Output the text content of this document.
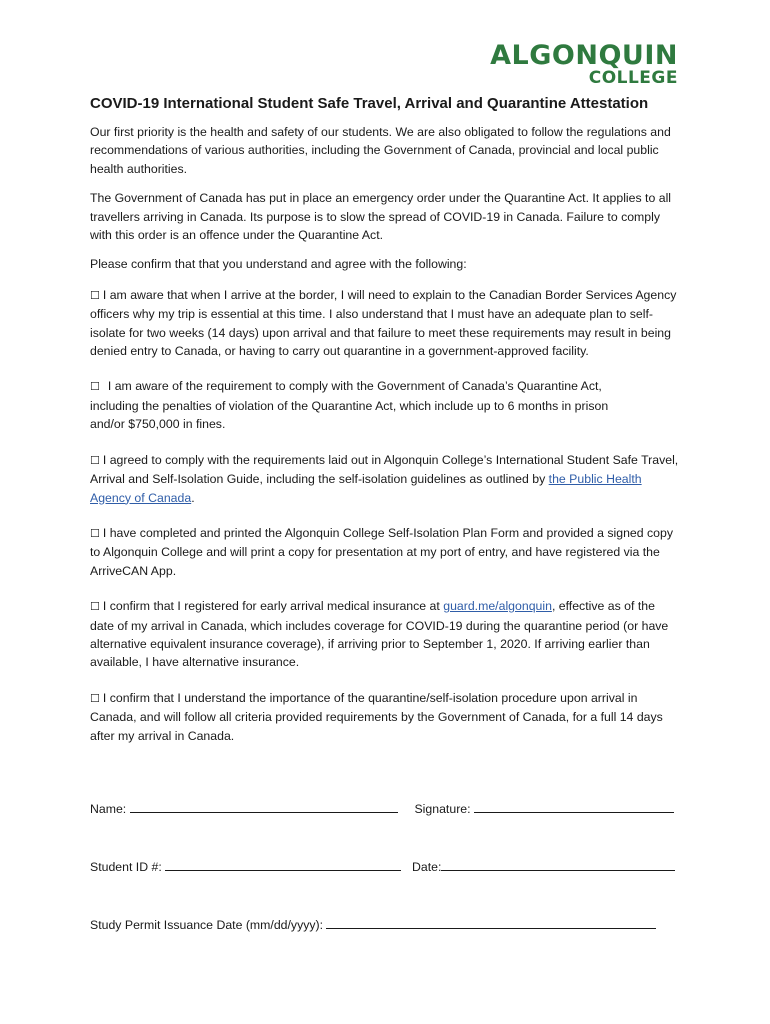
ALGONQUIN
COLLEGE
COVID-19 International Student Safe Travel, Arrival and Quarantine Attestation

Our first priority is the health and safety of our students. We are also obligated to follow the regulations and recommendations of various authorities, including the Government of Canada, provincial and local public health authorities.

The Government of Canada has put in place an emergency order under the Quarantine Act. It applies to all travellers arriving in Canada. Its purpose is to slow the spread of COVID-19 in Canada. Failure to comply with this order is an offence under the Quarantine Act.

Please confirm that that you understand and agree with the following:

☐ I am aware that when I arrive at the border, I will need to explain to the Canadian Border Services Agency officers why my trip is essential at this time. I also understand that I must have an adequate plan to self-isolate for two weeks (14 days) upon arrival and that failure to meet these requirements may result in being denied entry to Canada, or having to carry out quarantine in a government-approved facility.
☐ I am aware of the requirement to comply with the Government of Canada’s Quarantine Act, including the penalties of violation of the Quarantine Act, which include up to 6 months in prison and/or $750,000 in fines.
☐ I agreed to comply with the requirements laid out in Algonquin College’s International Student Safe Travel, Arrival and Self-Isolation Guide, including the self-isolation guidelines as outlined by the Public Health Agency of Canada.
☐ I have completed and printed the Algonquin College Self-Isolation Plan Form and provided a signed copy to Algonquin College and will print a copy for presentation at my port of entry, and have registered via the ArriveCAN App.
☐ I confirm that I registered for early arrival medical insurance at guard.me/algonquin, effective as of the date of my arrival in Canada, which includes coverage for COVID-19 during the quarantine period (or have alternative equivalent insurance coverage), if arriving prior to September 1, 2020. If arriving earlier than available, I have alternative insurance.
☐ I confirm that I understand the importance of the quarantine/self-isolation procedure upon arrival in Canada, and will follow all criteria provided requirements by the Government of Canada, for a full 14 days after my arrival in Canada.
Name:	Signature:
Student ID #:	Date:
Study Permit Issuance Date (mm/dd/yyyy):
